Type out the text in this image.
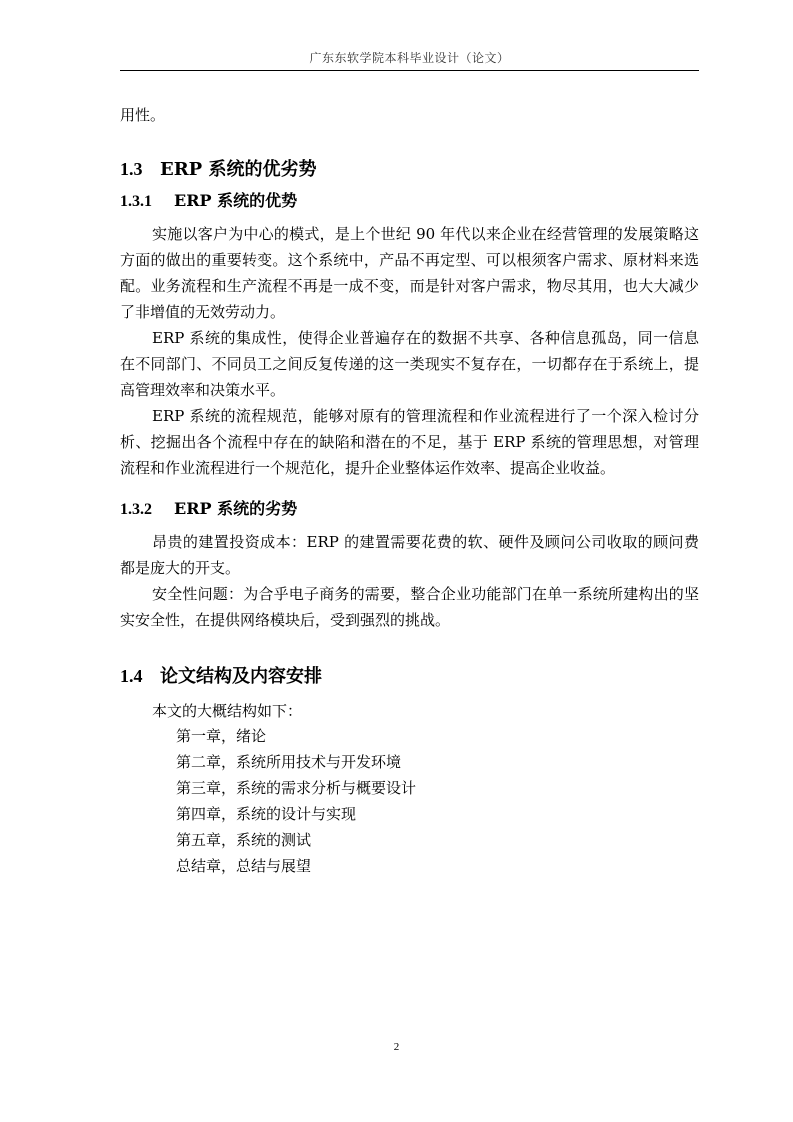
广东东软学院本科毕业设计（论文）

用性。

1.3 ERP 系统的优劣势
1.3.1 ERP 系统的优势

实施以客户为中心的模式，是上个世纪 90 年代以来企业在经营管理的发展策略这方面的做出的重要转变。这个系统中，产品不再定型、可以根须客户需求、原材料来选配。业务流程和生产流程不再是一成不变，而是针对客户需求，物尽其用，也大大减少了非增值的无效劳动力。

ERP 系统的集成性，使得企业普遍存在的数据不共享、各种信息孤岛，同一信息在不同部门、不同员工之间反复传递的这一类现实不复存在，一切都存在于系统上，提高管理效率和决策水平。

ERP 系统的流程规范，能够对原有的管理流程和作业流程进行了一个深入检讨分析、挖掘出各个流程中存在的缺陷和潜在的不足，基于 ERP 系统的管理思想，对管理流程和作业流程进行一个规范化，提升企业整体运作效率、提高企业收益。

1.3.2 ERP 系统的劣势

昂贵的建置投资成本：ERP 的建置需要花费的软、硬件及顾问公司收取的顾问费都是庞大的开支。

安全性问题：为合乎电子商务的需要，整合企业功能部门在单一系统所建构出的坚实安全性，在提供网络模块后，受到强烈的挑战。

1.4 论文结构及内容安排

本文的大概结构如下：

第一章，绪论

第二章，系统所用技术与开发环境

第三章，系统的需求分析与概要设计

第四章，系统的设计与实现

第五章，系统的测试

总结章，总结与展望

2
